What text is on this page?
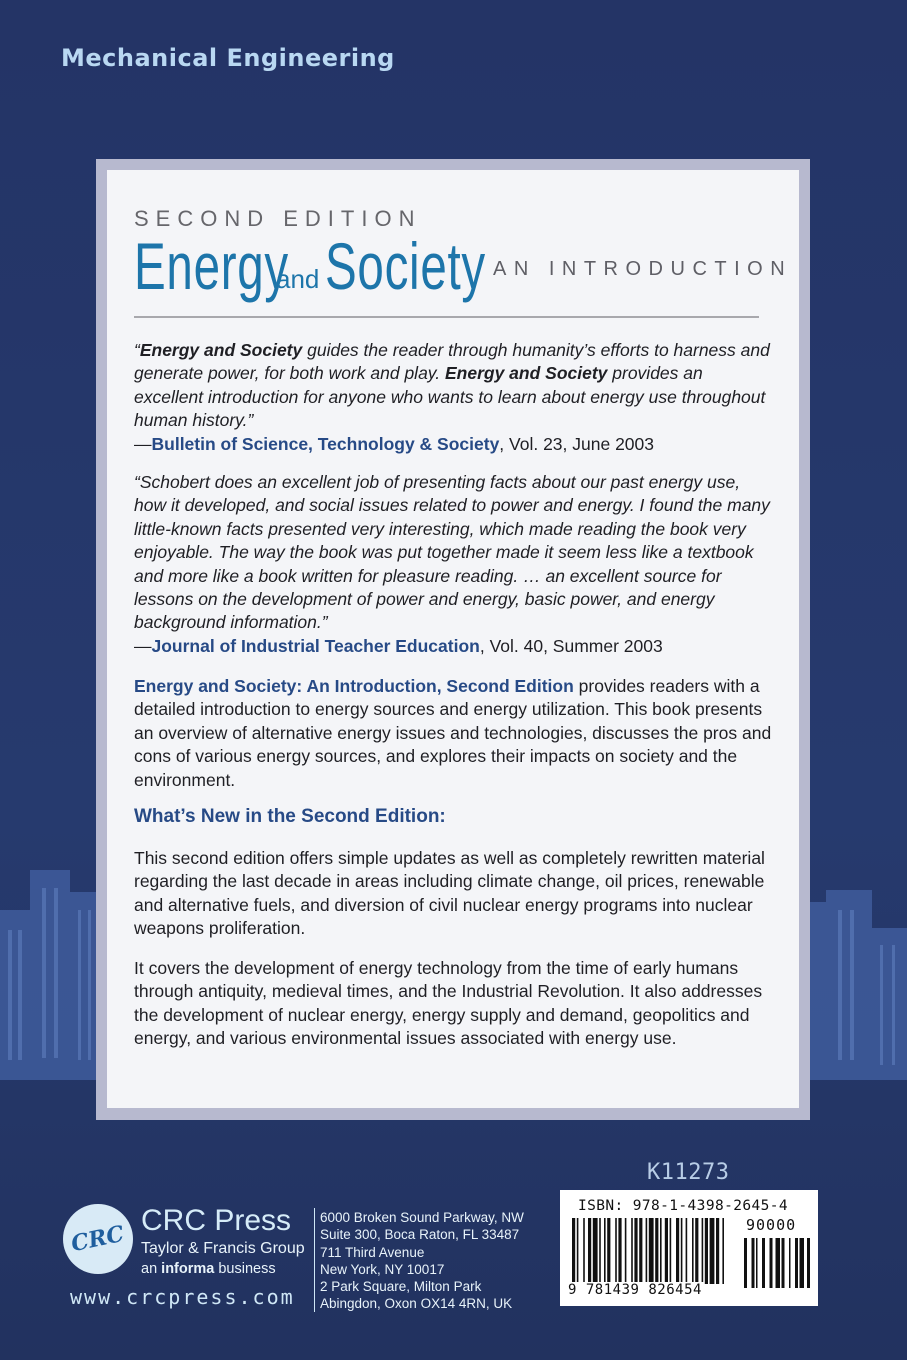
Mechanical Engineering
SECOND EDITION
Energy
and Society AN INTRODUCTION
“Energy and Society guides the reader through humanity’s efforts to harness and generate power, for both work and play. Energy and Society provides an excellent introduction for anyone who wants to learn about energy use throughout human history.”
—Bulletin of Science, Technology & Society, Vol. 23, June 2003
“Schobert does an excellent job of presenting facts about our past energy use, how it developed, and social issues related to power and energy. I found the many little-known facts presented very interesting, which made reading the book very enjoyable. The way the book was put together made it seem less like a textbook and more like a book written for pleasure reading. … an excellent source for lessons on the development of power and energy, basic power, and energy background information.”
—Journal of Industrial Teacher Education, Vol. 40, Summer 2003
Energy and Society: An Introduction, Second Edition provides readers with a detailed introduction to energy sources and energy utilization. This book presents an overview of alternative energy issues and technologies, discusses the pros and cons of various energy sources, and explores their impacts on society and the environment.
What’s New in the Second Edition:
This second edition offers simple updates as well as completely rewritten material regarding the last decade in areas including climate change, oil prices, renewable and alternative fuels, and diversion of civil nuclear energy programs into nuclear weapons proliferation.
It covers the development of energy technology from the time of early humans through antiquity, medieval times, and the Industrial Revolution. It also addresses the development of nuclear energy, energy supply and demand, geopolitics and energy, and various environmental issues associated with energy use.
K11273
CRC
CRC Press
Taylor & Francis Group
an informa business
www.crcpress.com
6000 Broken Sound Parkway, NW
Suite 300, Boca Raton, FL 33487
711 Third Avenue
New York, NY 10017
2 Park Square, Milton Park
Abingdon, Oxon OX14 4RN, UK
ISBN: 978-1-4398-2645-4
90000
9 781439 826454
